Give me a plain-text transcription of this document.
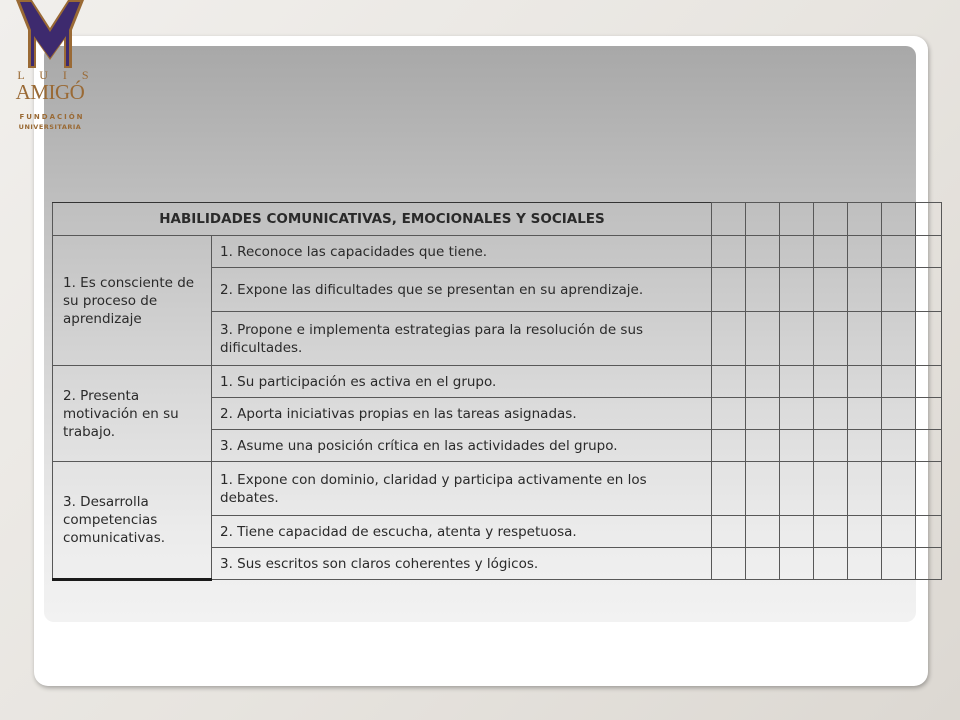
L U I S
AMIGÓ
FUNDACIÓN
UNIVERSITARIA
HABILIDADES COMUNICATIVAS, EMOCIONALES Y SOCIALES								
1. Es consciente de su proceso de aprendizaje	1. Reconoce las capacidades que tiene.							
	2. Expone las dificultades que se presentan en su aprendizaje.							
	3. Propone e implementa estrategias para la resolución de sus dificultades.							
2. Presenta motivación en su trabajo.	1. Su participación es activa en el grupo.							
	2. Aporta iniciativas propias en las tareas asignadas.							
	3. Asume una posición crítica en las actividades del grupo.							
3. Desarrolla competencias comunicativas.	1. Expone con dominio, claridad y participa activamente en los debates.							
	2. Tiene capacidad de escucha, atenta y respetuosa.							
	3. Sus escritos son claros coherentes y lógicos.							
